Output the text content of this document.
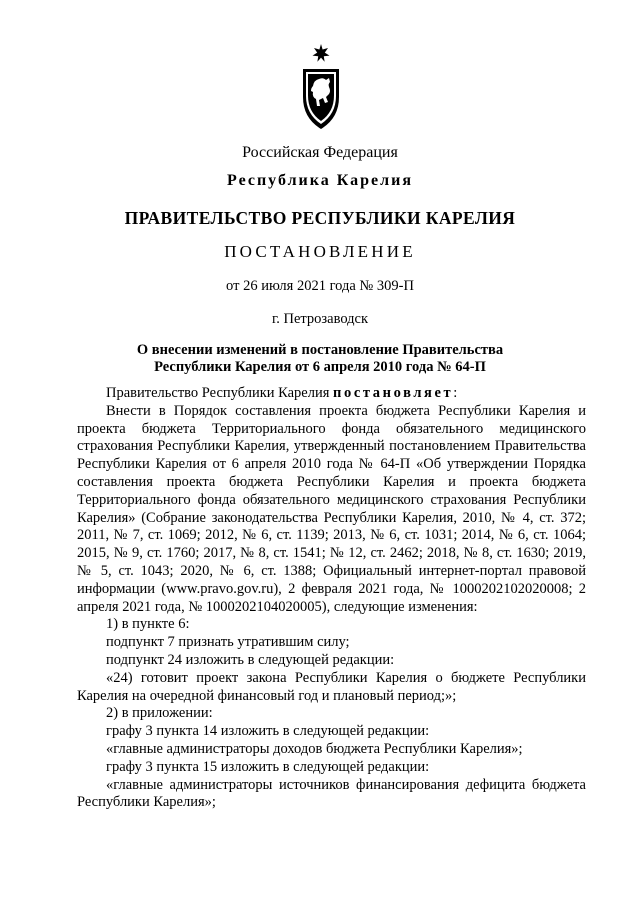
Российская Федерация
Республика Карелия
ПРАВИТЕЛЬСТВО РЕСПУБЛИКИ КАРЕЛИЯ
ПОСТАНОВЛЕНИЕ
от 26 июля 2021 года № 309-П
г. Петрозаводск
О внесении изменений в постановление Правительства
Республики Карелия от 6 апреля 2010 года № 64-П

Правительство Республики Карелия постановляет:

Внести в Порядок составления проекта бюджета Республики Карелия и проекта бюджета Территориального фонда обязательного медицинского страхования Республики Карелия, утвержденный постановлением Правительства Республики Карелия от 6 апреля 2010 года № 64-П «Об утверждении Порядка составления проекта бюджета Республики Карелия и проекта бюджета Территориального фонда обязательного медицинского страхования Республики Карелия» (Собрание законодательства Республики Карелия, 2010, № 4, ст. 372; 2011, № 7, ст. 1069; 2012, № 6, ст. 1139; 2013, № 6, ст. 1031; 2014, № 6, ст. 1064; 2015, № 9, ст. 1760; 2017, № 8, ст. 1541; № 12, ст. 2462; 2018, № 8, ст. 1630; 2019, № 5, ст. 1043; 2020, № 6, ст. 1388; Официальный интернет-портал правовой информации (www.pravo.gov.ru), 2 февраля 2021 года, № 1000202102020008; 2 апреля 2021 года, № 1000202104020005), следующие изменения:

1) в пункте 6:

подпункт 7 признать утратившим силу;

подпункт 24 изложить в следующей редакции:

«24) готовит проект закона Республики Карелия о бюджете Республики Карелия на очередной финансовый год и плановый период;»;

2) в приложении:

графу 3 пункта 14 изложить в следующей редакции:

«главные администраторы доходов бюджета Республики Карелия»;

графу 3 пункта 15 изложить в следующей редакции:

«главные администраторы источников финансирования дефицита бюджета Республики Карелия»;
